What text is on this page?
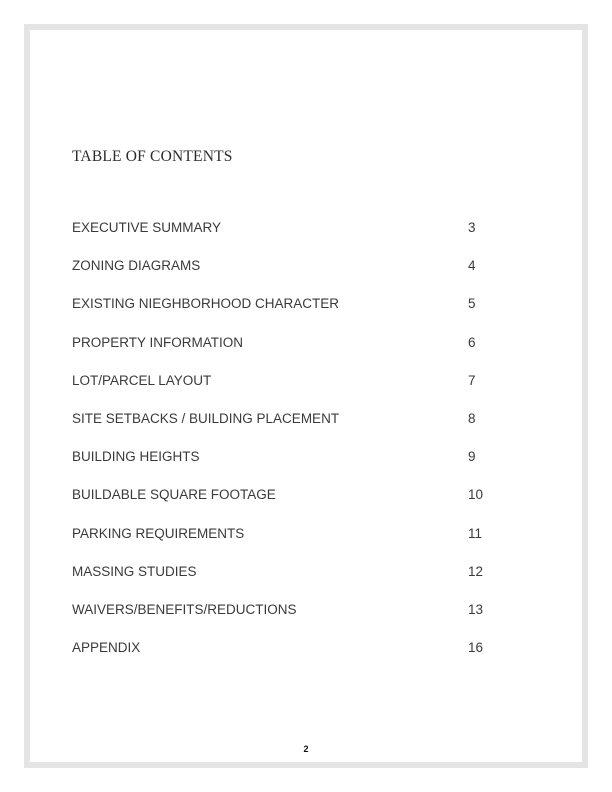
TABLE OF CONTENTS
EXECUTIVE SUMMARY	3
ZONING DIAGRAMS	4
EXISTING NIEGHBORHOOD CHARACTER	5
PROPERTY INFORMATION	6
LOT/PARCEL LAYOUT	7
SITE SETBACKS / BUILDING PLACEMENT	8
BUILDING HEIGHTS	9
BUILDABLE SQUARE FOOTAGE	10
PARKING REQUIREMENTS	11
MASSING STUDIES	12
WAIVERS/BENEFITS/REDUCTIONS	13
APPENDIX	16
2
